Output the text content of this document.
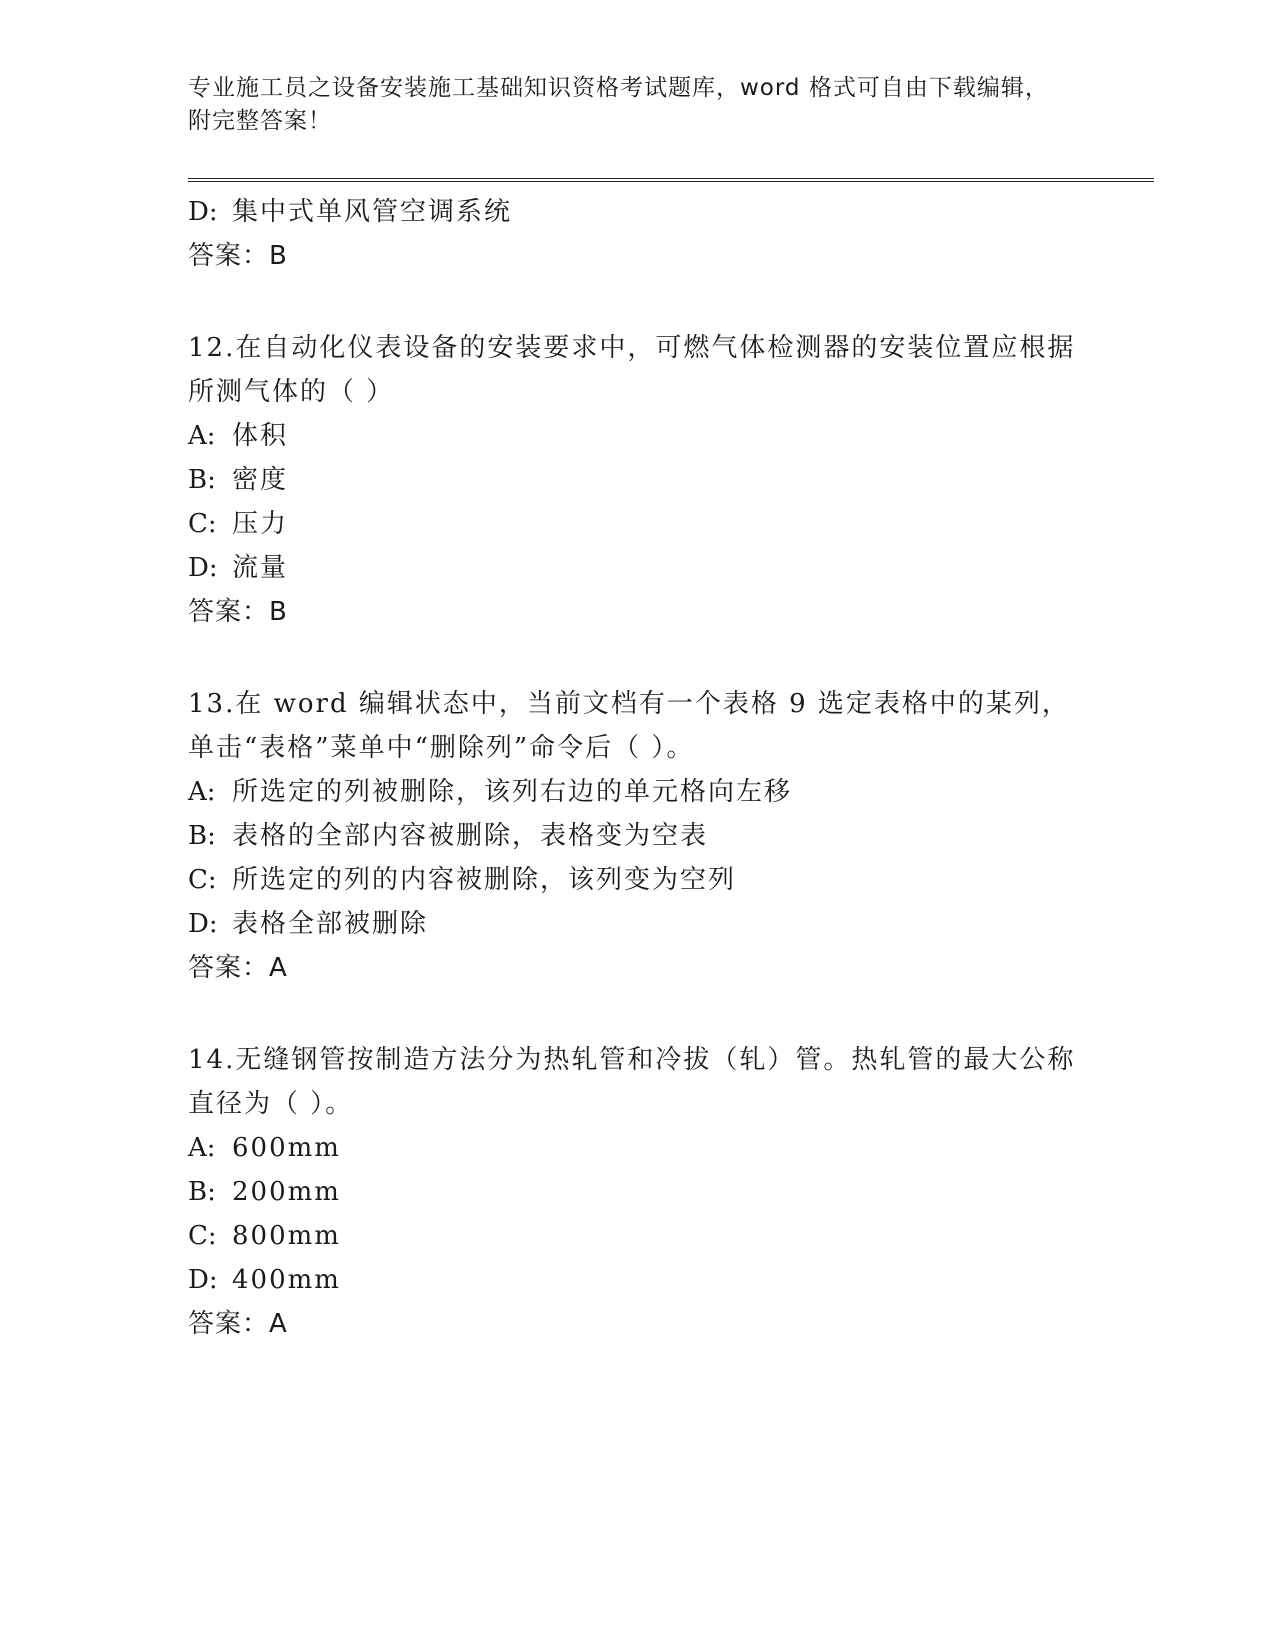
专业施工员之设备安装施工基础知识资格考试题库，word 格式可自由下载编辑，附完整答案！
D: 集中式单风管空调系统
答案：B
12.在自动化仪表设备的安装要求中，可燃气体检测器的安装位置应根据所测气体的（ ）
A: 体积
B: 密度
C: 压力
D: 流量
答案：B
13.在 word 编辑状态中，当前文档有一个表格 9 选定表格中的某列，单击“表格”菜单中“删除列”命令后（ ）。
A: 所选定的列被删除，该列右边的单元格向左移
B: 表格的全部内容被删除，表格变为空表
C: 所选定的列的内容被删除，该列变为空列
D: 表格全部被删除
答案：A
14.无缝钢管按制造方法分为热轧管和冷拔（轧）管。热轧管的最大公称直径为（ ）。
A: 600mm
B: 200mm
C: 800mm
D: 400mm
答案：A
